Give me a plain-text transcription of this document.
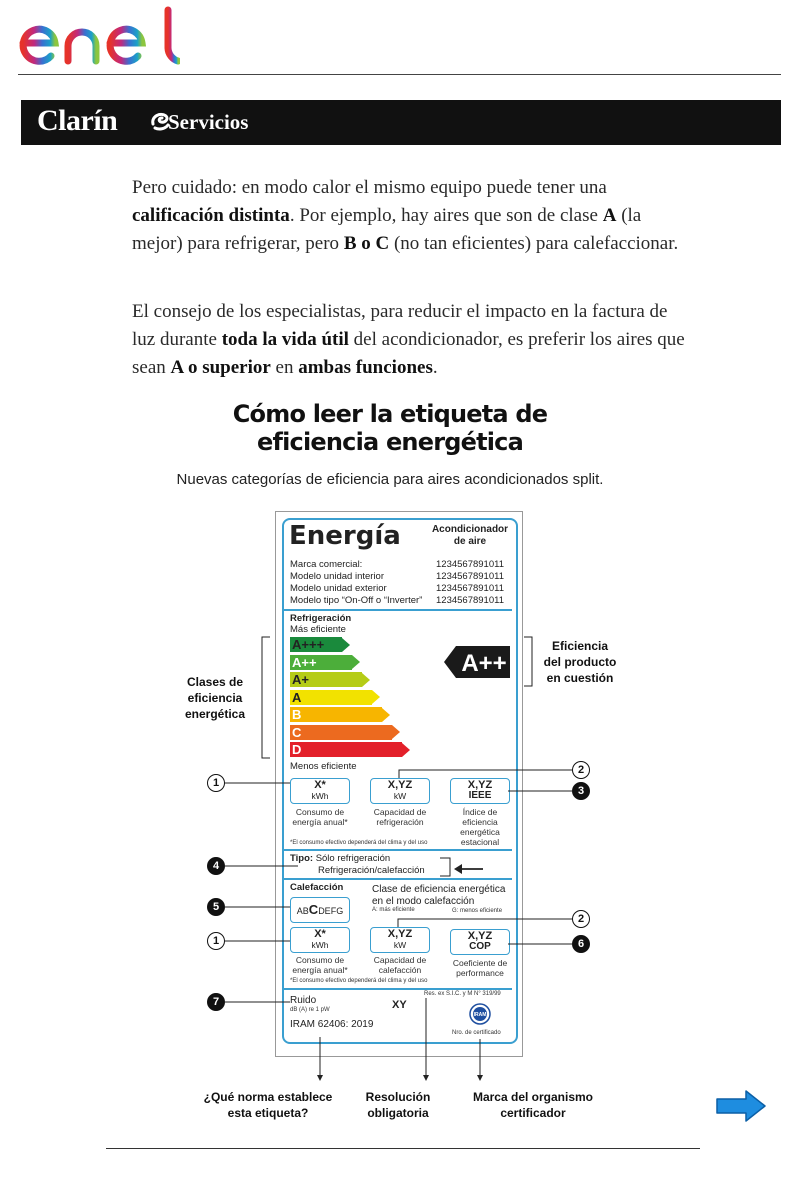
Clarín Servicios

Pero cuidado: en modo calor el mismo equipo puede tener una calificación distinta. Por ejemplo, hay aires que son de clase A (la mejor) para refrigerar, pero B o C (no tan eficientes) para calefaccionar.

El consejo de los especialistas, para reducir el impacto en la factura de luz durante toda la vida útil del acondicionador, es preferir los aires que sean A o superior en ambas funciones.

Cómo leer la etiqueta de
eficiencia energética
Nuevas categorías de eficiencia para aires acondicionados split.
Energía	Acondicionador
de aire
Marca comercial:	1234567891011
Modelo unidad interior	1234567891011
Modelo unidad exterior	1234567891011
Modelo tipo “On-Off o “Inverter” 1234567891011
Refrigeración
Más eficiente
A+++
A++
A+
A
B
C
D
Menos eficiente
A++
X*
kWh
Consumo de energía anual*
X,YZ
kW
Capacidad de refrigeración
X,YZ
IEEE
Índice de eficiencia energética estacional
*El consumo efectivo dependerá del clima y del uso
Tipo: Sólo refrigeración
Refrigeración/calefacción
Calefacción
ABCDEFG
Clase de eficiencia energética
en el modo calefacción
A: más eficiente	G: menos eficiente
X*
kWh
Consumo de energía anual*
X,YZ
kW
Capacidad de calefacción
X,YZ
COP
Coeficiente de performance
*El consumo efectivo dependerá del clima y del uso
Ruido
dB (A) re 1 pW	XY
Res. ex S.I.C. y M N° 319/99
IRAM 62406: 2019
IRAM
Nro. de certificado
Clases de
eficiencia
energética
Eficiencia
del producto
en cuestión
¿Qué norma establece
esta etiqueta?
Resolución
obligatoria
Marca del organismo
certificador
1
2
3
4
5
2
6
1
7
